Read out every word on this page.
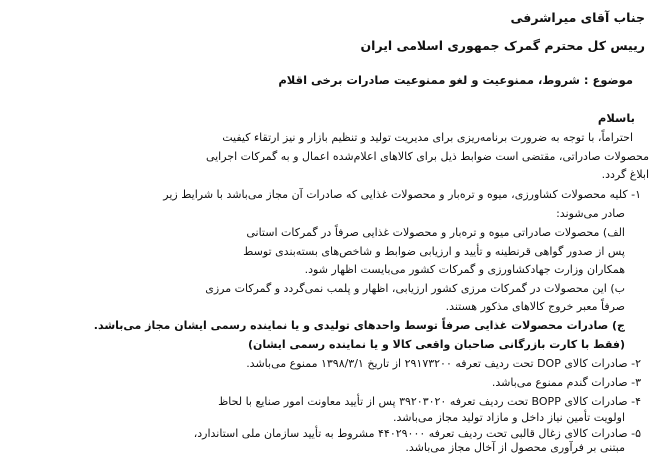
جناب آقای میراشرفی
رییس کل محترم گمرک جمهوری اسلامی ایران
موضوع : شروط، ممنوعیت و لغو ممنوعیت صادرات برخی اقلام
باسلام
احتراماً، با توجه به ضرورت برنامه‌ریزی برای مدیریت تولید و تنظیم بازار و نیز ارتقاء کیفیت
محصولات صادراتی، مقتضی است ضوابط ذیل برای کالاهای اعلام‌شده اعمال و به گمرکات اجرایی
ابلاغ گردد.
۱- کلیه محصولات کشاورزی، میوه و تره‌بار و محصولات غذایی که صادرات آن مجاز می‌باشد با شرایط زیر
صادر می‌شوند:
الف) محصولات صادراتی میوه و تره‌بار و محصولات غذایی صرفاً در گمرکات استانی
پس از صدور گواهی قرنطینه و تأیید و ارزیابی ضوابط و شاخص‌های بسته‌بندی توسط
همکاران وزارت جهادکشاورزی و گمرکات کشور می‌بایست اظهار شود.
ب) این محصولات در گمرکات مرزی کشور ارزیابی، اظهار و پلمب نمی‌گردد و گمرکات مرزی
صرفاً معبر خروج کالاهای مذکور هستند.
ج) صادرات محصولات غذایی صرفاً توسط واحدهای تولیدی و یا نماینده رسمی ایشان مجاز می‌باشد.
(فقط با کارت بازرگانی صاحبان واقعی کالا و یا نماینده رسمی ایشان)
۲- صادرات کالای DOP تحت ردیف تعرفه ۲۹۱۷۳۲۰۰ از تاریخ ۱۳۹۸/۳/۱ ممنوع می‌باشد.
۳- صادرات گندم ممنوع می‌باشد.
۴- صادرات کالای BOPP تحت ردیف تعرفه ۳۹۲۰۳۰۲۰ پس از تأیید معاونت امور صنایع با لحاظ
اولویت تأمین نیاز داخل و مازاد تولید مجاز می‌باشد.
۵- صادرات کالای زغال قالبی تحت ردیف تعرفه ۴۴۰۲۹۰۰۰ مشروط به تأیید سازمان ملی استاندارد،
مبتنی بر فرآوری محصول از آخال مجاز می‌باشد.
